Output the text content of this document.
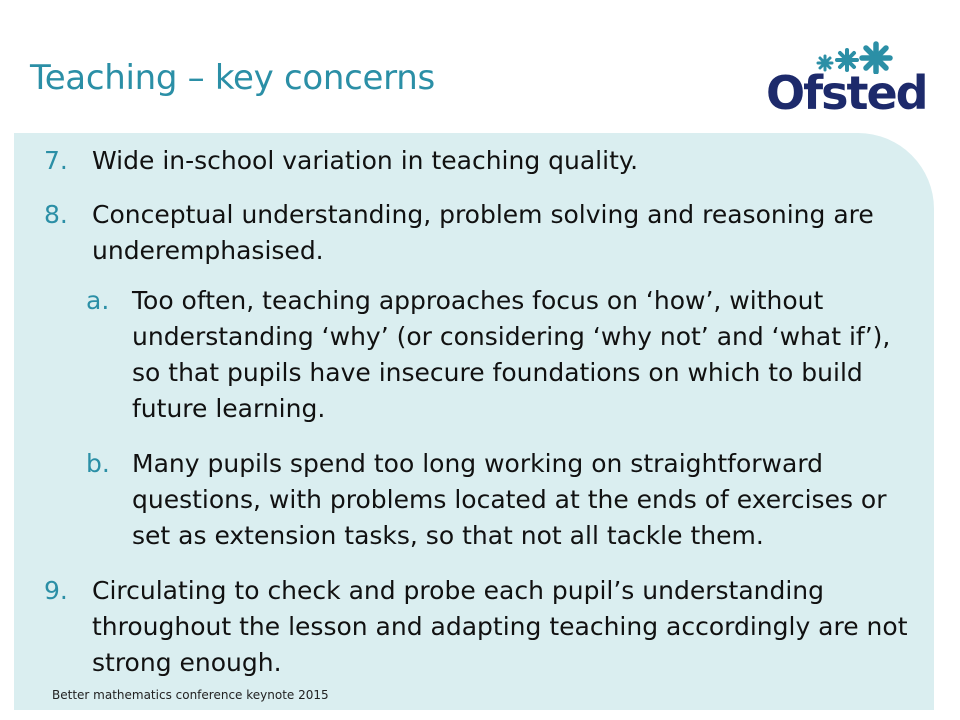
Teaching – key concerns	Ofsted
7. Wide in-school variation in teaching quality.
8. Conceptual understanding, problem solving and reasoning are underemphasised.
a. Too often, teaching approaches focus on ‘how’, without understanding ‘why’ (or considering ‘why not’ and ‘what if’), so that pupils have insecure foundations on which to build future learning.
b. Many pupils spend too long working on straightforward questions, with problems located at the ends of exercises or set as extension tasks, so that not all tackle them.
9. Circulating to check and probe each pupil’s understanding throughout the lesson and adapting teaching accordingly are not strong enough.
Better mathematics conference keynote 2015
